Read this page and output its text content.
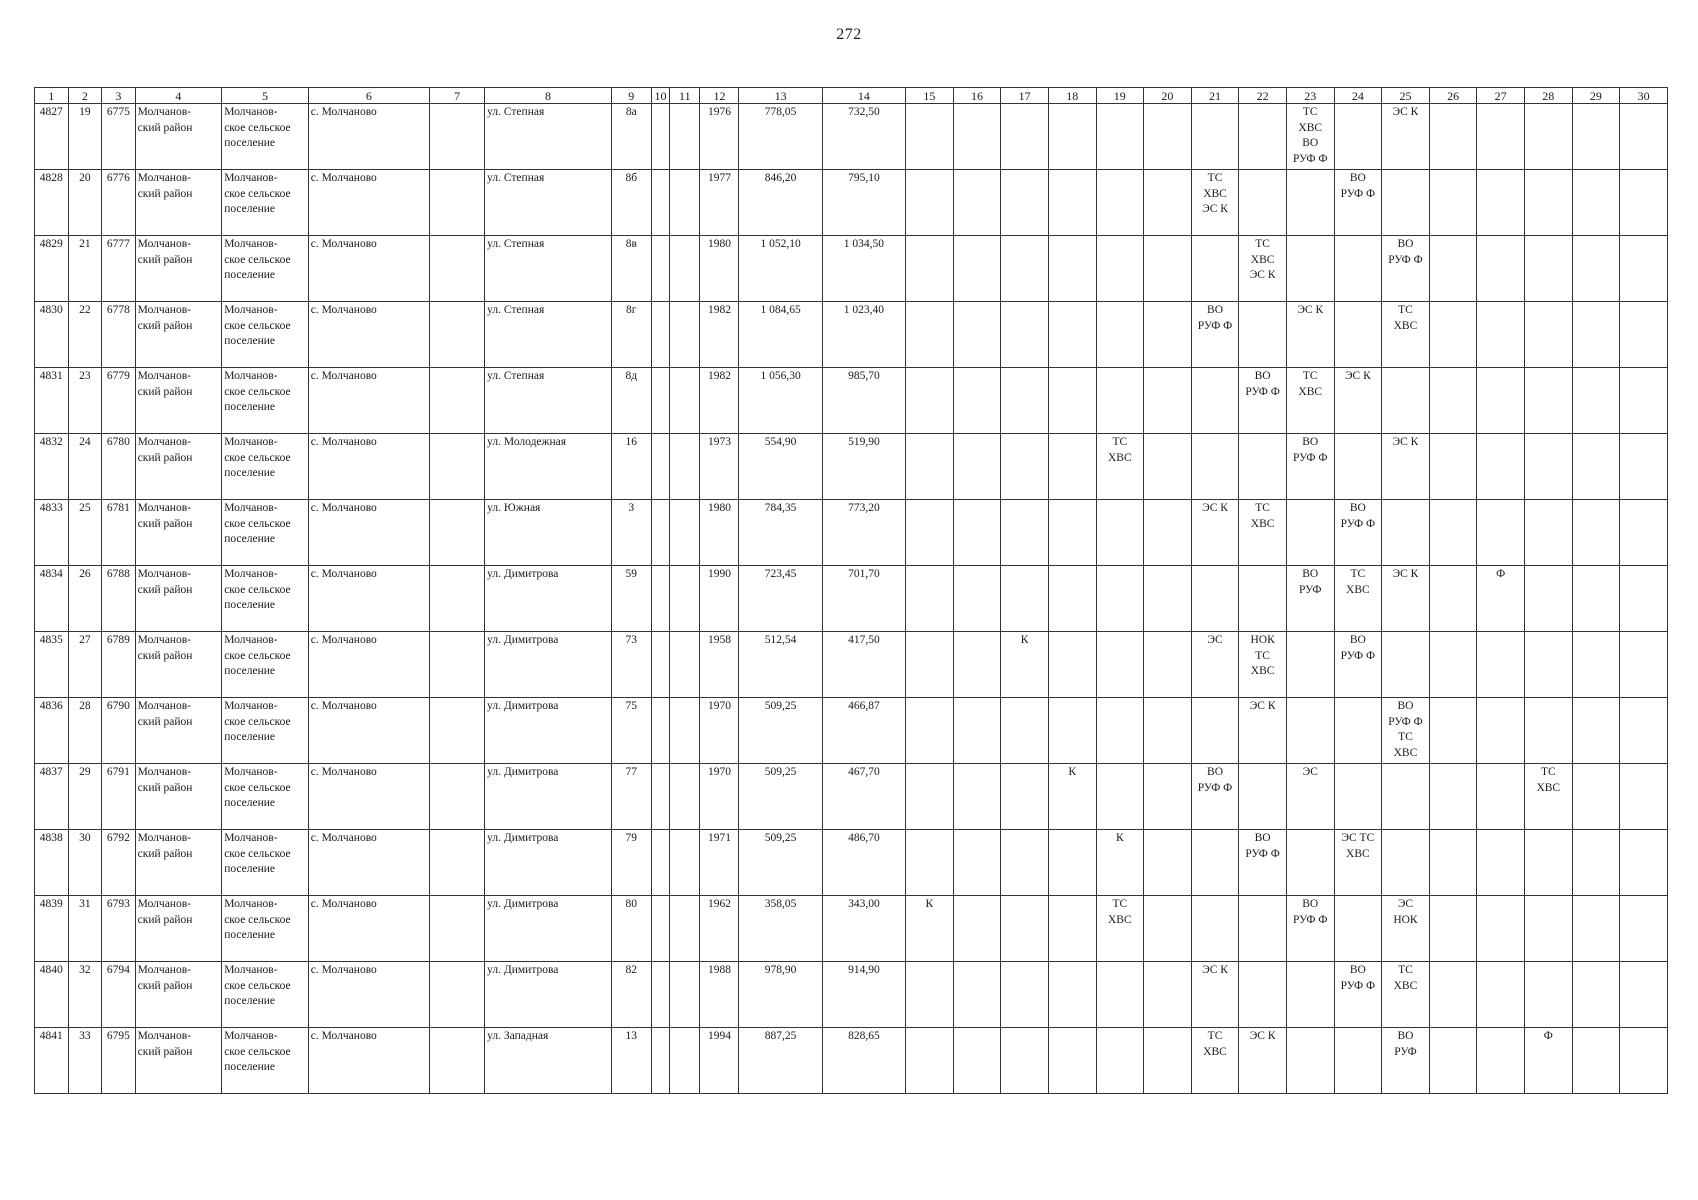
272
1	2	3	4	5	6	7	8	9	10	11	12	13	14	15	16	17	18	19	20	21	22	23	24	25	26	27	28	29	30
4827	19	6775	Молчанов-
ский район	Молчанов-
ское сельское
поселение	с. Молчаново		ул. Степная	8а			1976	778,05	732,50									ТС
ХВС
ВО
РУФ Ф		ЭС К					

4828	20	6776	Молчанов-
ский район	Молчанов-
ское сельское
поселение	с. Молчаново		ул. Степная	8б			1977	846,20	795,10							ТС
ХВС
ЭС К			ВО
РУФ Ф						

4829	21	6777	Молчанов-
ский район	Молчанов-
ское сельское
поселение	с. Молчаново		ул. Степная	8в			1980	1 052,10	1 034,50								ТС
ХВС
ЭС К			ВО
РУФ Ф					

4830	22	6778	Молчанов-
ский район	Молчанов-
ское сельское
поселение	с. Молчаново		ул. Степная	8г			1982	1 084,65	1 023,40							ВО
РУФ Ф		ЭС К		ТС
ХВС					

4831	23	6779	Молчанов-
ский район	Молчанов-
ское сельское
поселение	с. Молчаново		ул. Степная	8д			1982	1 056,30	985,70								ВО
РУФ Ф	ТС
ХВС	ЭС К						

4832	24	6780	Молчанов-
ский район	Молчанов-
ское сельское
поселение	с. Молчаново		ул. Молодежная	16			1973	554,90	519,90					ТС
ХВС				ВО
РУФ Ф		ЭС К					

4833	25	6781	Молчанов-
ский район	Молчанов-
ское сельское
поселение	с. Молчаново		ул. Южная	3			1980	784,35	773,20							ЭС К	ТС
ХВС		ВО
РУФ Ф						

4834	26	6788	Молчанов-
ский район	Молчанов-
ское сельское
поселение	с. Молчаново		ул. Димитрова	59			1990	723,45	701,70									ВО
РУФ	ТС
ХВС	ЭС К		Ф			

4835	27	6789	Молчанов-
ский район	Молчанов-
ское сельское
поселение	с. Молчаново		ул. Димитрова	73			1958	512,54	417,50			К				ЭС	НОК
ТС
ХВС		ВО
РУФ Ф						

4836	28	6790	Молчанов-
ский район	Молчанов-
ское сельское
поселение	с. Молчаново		ул. Димитрова	75			1970	509,25	466,87								ЭС К			ВО
РУФ Ф
ТС
ХВС					

4837	29	6791	Молчанов-
ский район	Молчанов-
ское сельское
поселение	с. Молчаново		ул. Димитрова	77			1970	509,25	467,70				К			ВО
РУФ Ф		ЭС					ТС
ХВС		

4838	30	6792	Молчанов-
ский район	Молчанов-
ское сельское
поселение	с. Молчаново		ул. Димитрова	79			1971	509,25	486,70					К			ВО
РУФ Ф		ЭС ТС
ХВС						

4839	31	6793	Молчанов-
ский район	Молчанов-
ское сельское
поселение	с. Молчаново		ул. Димитрова	80			1962	358,05	343,00	К				ТС
ХВС				ВО
РУФ Ф		ЭС
НОК					

4840	32	6794	Молчанов-
ский район	Молчанов-
ское сельское
поселение	с. Молчаново		ул. Димитрова	82			1988	978,90	914,90							ЭС К			ВО
РУФ Ф	ТС
ХВС					

4841	33	6795	Молчанов-
ский район	Молчанов-
ское сельское
поселение	с. Молчаново		ул. Западная	13			1994	887,25	828,65							ТС
ХВС	ЭС К			ВО
РУФ			Ф		
